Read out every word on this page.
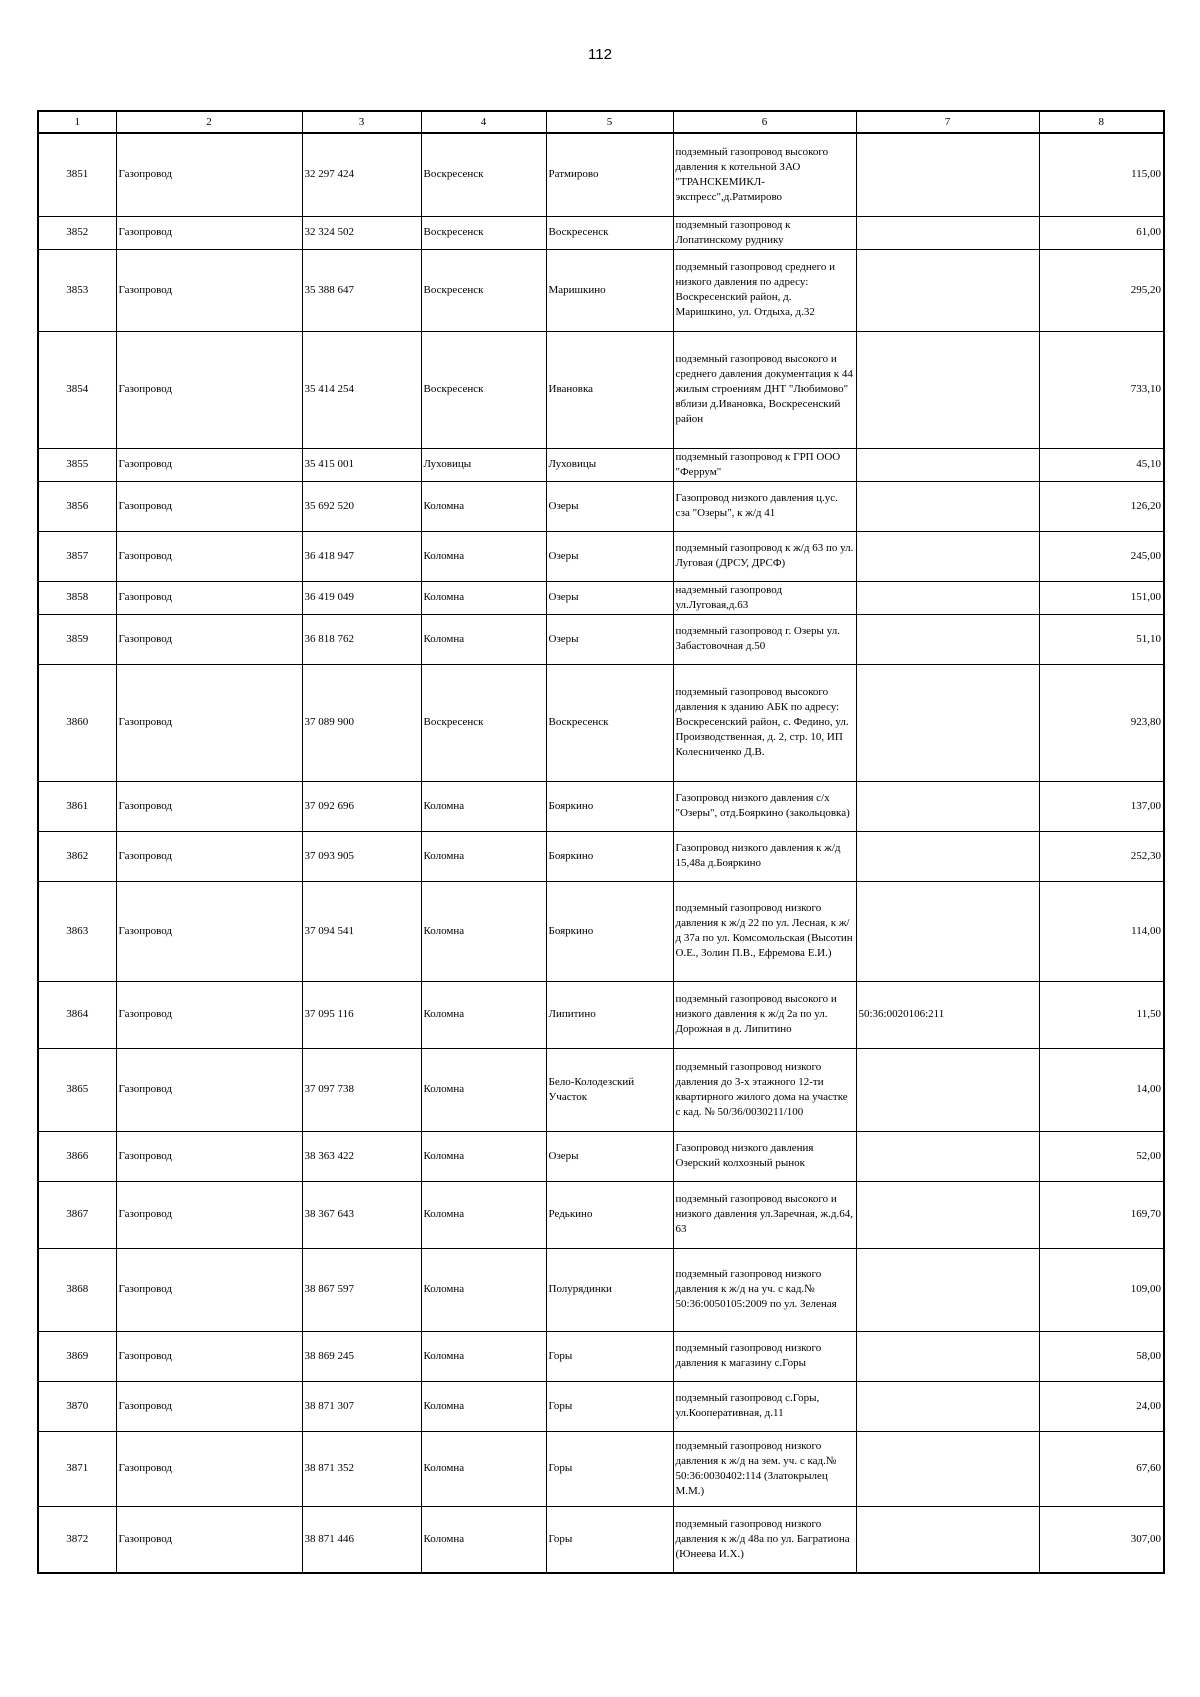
112
1	2	3	4	5	6	7	8
3851	Газопровод	32 297 424	Воскресенск	Ратмирово	подземный газопровод высокого давления к котельной ЗАО "ТРАНСКЕМИКЛ-экспресс",д.Ратмирово		115,00
3852	Газопровод	32 324 502	Воскресенск	Воскресенск	подземный газопровод к Лопатинскому руднику		61,00
3853	Газопровод	35 388 647	Воскресенск	Маришкино	подземный газопровод среднего и низкого давления по адресу: Воскресенский район, д. Маришкино, ул. Отдыха, д.32		295,20
3854	Газопровод	35 414 254	Воскресенск	Ивановка	подземный газопровод высокого и среднего давления документация к 44 жилым строениям ДНТ "Любимово" вблизи д.Ивановка, Воскресенский район		733,10
3855	Газопровод	35 415 001	Луховицы	Луховицы	подземный газопровод к ГРП ООО "Феррум"		45,10
3856	Газопровод	35 692 520	Коломна	Озеры	Газопровод низкого давления ц.ус. сза "Озеры", к ж/д 41		126,20
3857	Газопровод	36 418 947	Коломна	Озеры	подземный газопровод к ж/д 63 по ул. Луговая (ДРСУ, ДРСФ)		245,00
3858	Газопровод	36 419 049	Коломна	Озеры	надземный газопровод ул.Луговая,д.63		151,00
3859	Газопровод	36 818 762	Коломна	Озеры	подземный газопровод г. Озеры ул. Забастовочная д.50		51,10
3860	Газопровод	37 089 900	Воскресенск	Воскресенск	подземный газопровод высокого давления к зданию АБК по адресу: Воскресенский район, с. Федино, ул. Производственная, д. 2, стр. 10, ИП Колесниченко Д.В.		923,80
3861	Газопровод	37 092 696	Коломна	Бояркино	Газопровод низкого давления с/х "Озеры", отд.Бояркино (закольцовка)		137,00
3862	Газопровод	37 093 905	Коломна	Бояркино	Газопровод низкого давления к ж/д 15,48а д.Бояркино		252,30
3863	Газопровод	37 094 541	Коломна	Бояркино	подземный газопровод низкого давления к ж/д 22 по ул. Лесная, к ж/д 37а по ул. Комсомольская (Высотин О.Е., Золин П.В., Ефремова Е.И.)		114,00
3864	Газопровод	37 095 116	Коломна	Липитино	подземный газопровод высокого и низкого давления к ж/д 2а по ул. Дорожная в д. Липитино	50:36:0020106:211	11,50
3865	Газопровод	37 097 738	Коломна	Бело-Колодезский Участок	подземный газопровод низкого давления до 3-х этажного 12-ти квартирного жилого дома на участке с кад. № 50/36/0030211/100		14,00
3866	Газопровод	38 363 422	Коломна	Озеры	Газопровод низкого давления Озерский колхозный рынок		52,00
3867	Газопровод	38 367 643	Коломна	Редькино	подземный газопровод высокого и низкого давления ул.Заречная, ж.д.64, 63		169,70
3868	Газопровод	38 867 597	Коломна	Полурядинки	подземный газопровод низкого давления к ж/д на уч. с кад.№ 50:36:0050105:2009 по ул. Зеленая		109,00
3869	Газопровод	38 869 245	Коломна	Горы	подземный газопровод низкого давления к магазину с.Горы		58,00
3870	Газопровод	38 871 307	Коломна	Горы	подземный газопровод с.Горы, ул.Кооперативная, д.11		24,00
3871	Газопровод	38 871 352	Коломна	Горы	подземный газопровод низкого давления к ж/д на зем. уч. с кад.№ 50:36:0030402:114 (Златокрылец М.М.)		67,60
3872	Газопровод	38 871 446	Коломна	Горы	подземный газопровод низкого давления к ж/д 48а по ул. Багратиона (Юнеева И.Х.)		307,00
